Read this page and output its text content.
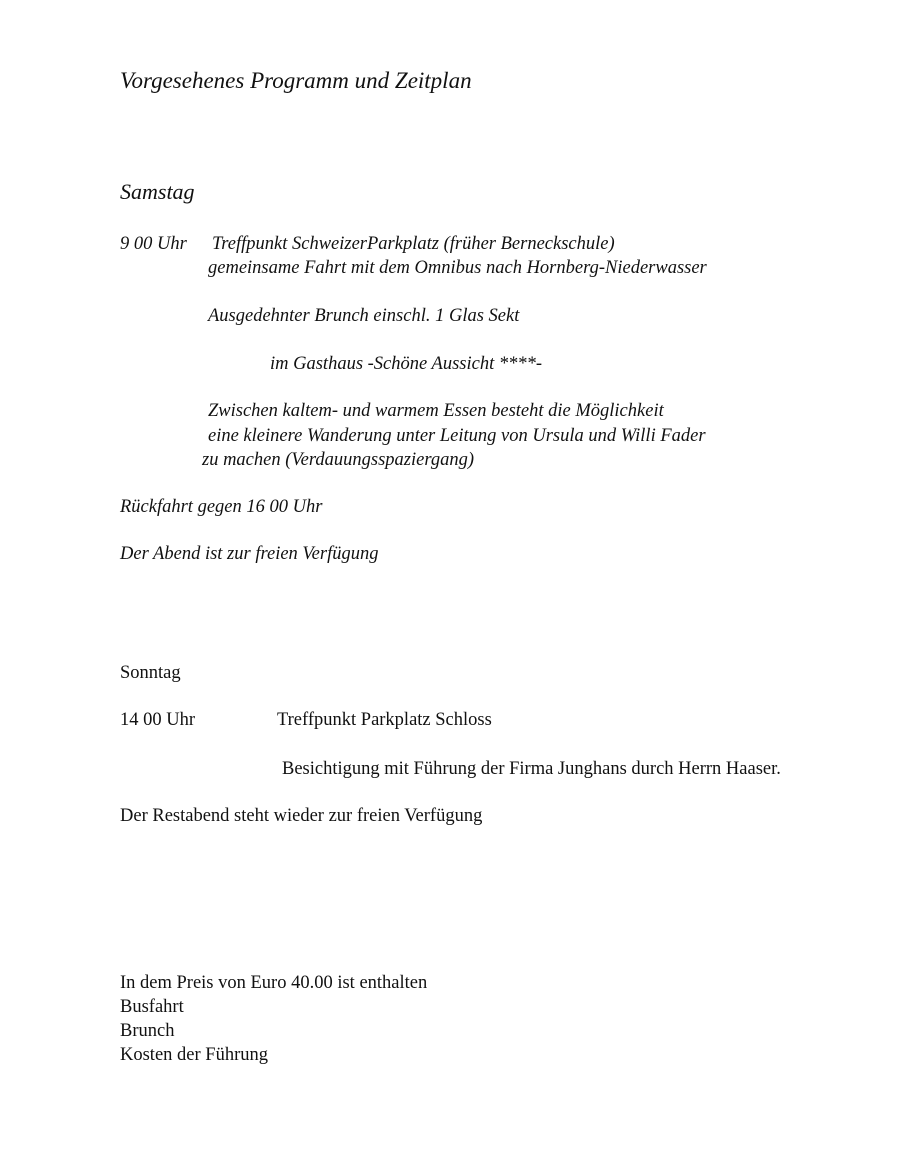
Vorgesehenes Programm und Zeitplan
Samstag
9 00 Uhr Treffpunkt SchweizerParkplatz (früher Berneckschule)
gemeinsame Fahrt mit dem Omnibus nach Hornberg-Niederwasser
Ausgedehnter Brunch einschl. 1 Glas Sekt
im Gasthaus -Schöne Aussicht ****-
Zwischen kaltem- und warmem Essen besteht die Möglichkeit
eine kleinere Wanderung unter Leitung von Ursula und Willi Fader
zu machen (Verdauungsspaziergang)
Rückfahrt gegen 16 00 Uhr
Der Abend ist zur freien Verfügung
Sonntag
14 00 Uhr	Treffpunkt Parkplatz Schloss
Besichtigung mit Führung der Firma Junghans durch Herrn Haaser.
Der Restabend steht wieder zur freien Verfügung
In dem Preis von Euro 40.00 ist enthalten
Busfahrt
Brunch
Kosten der Führung
